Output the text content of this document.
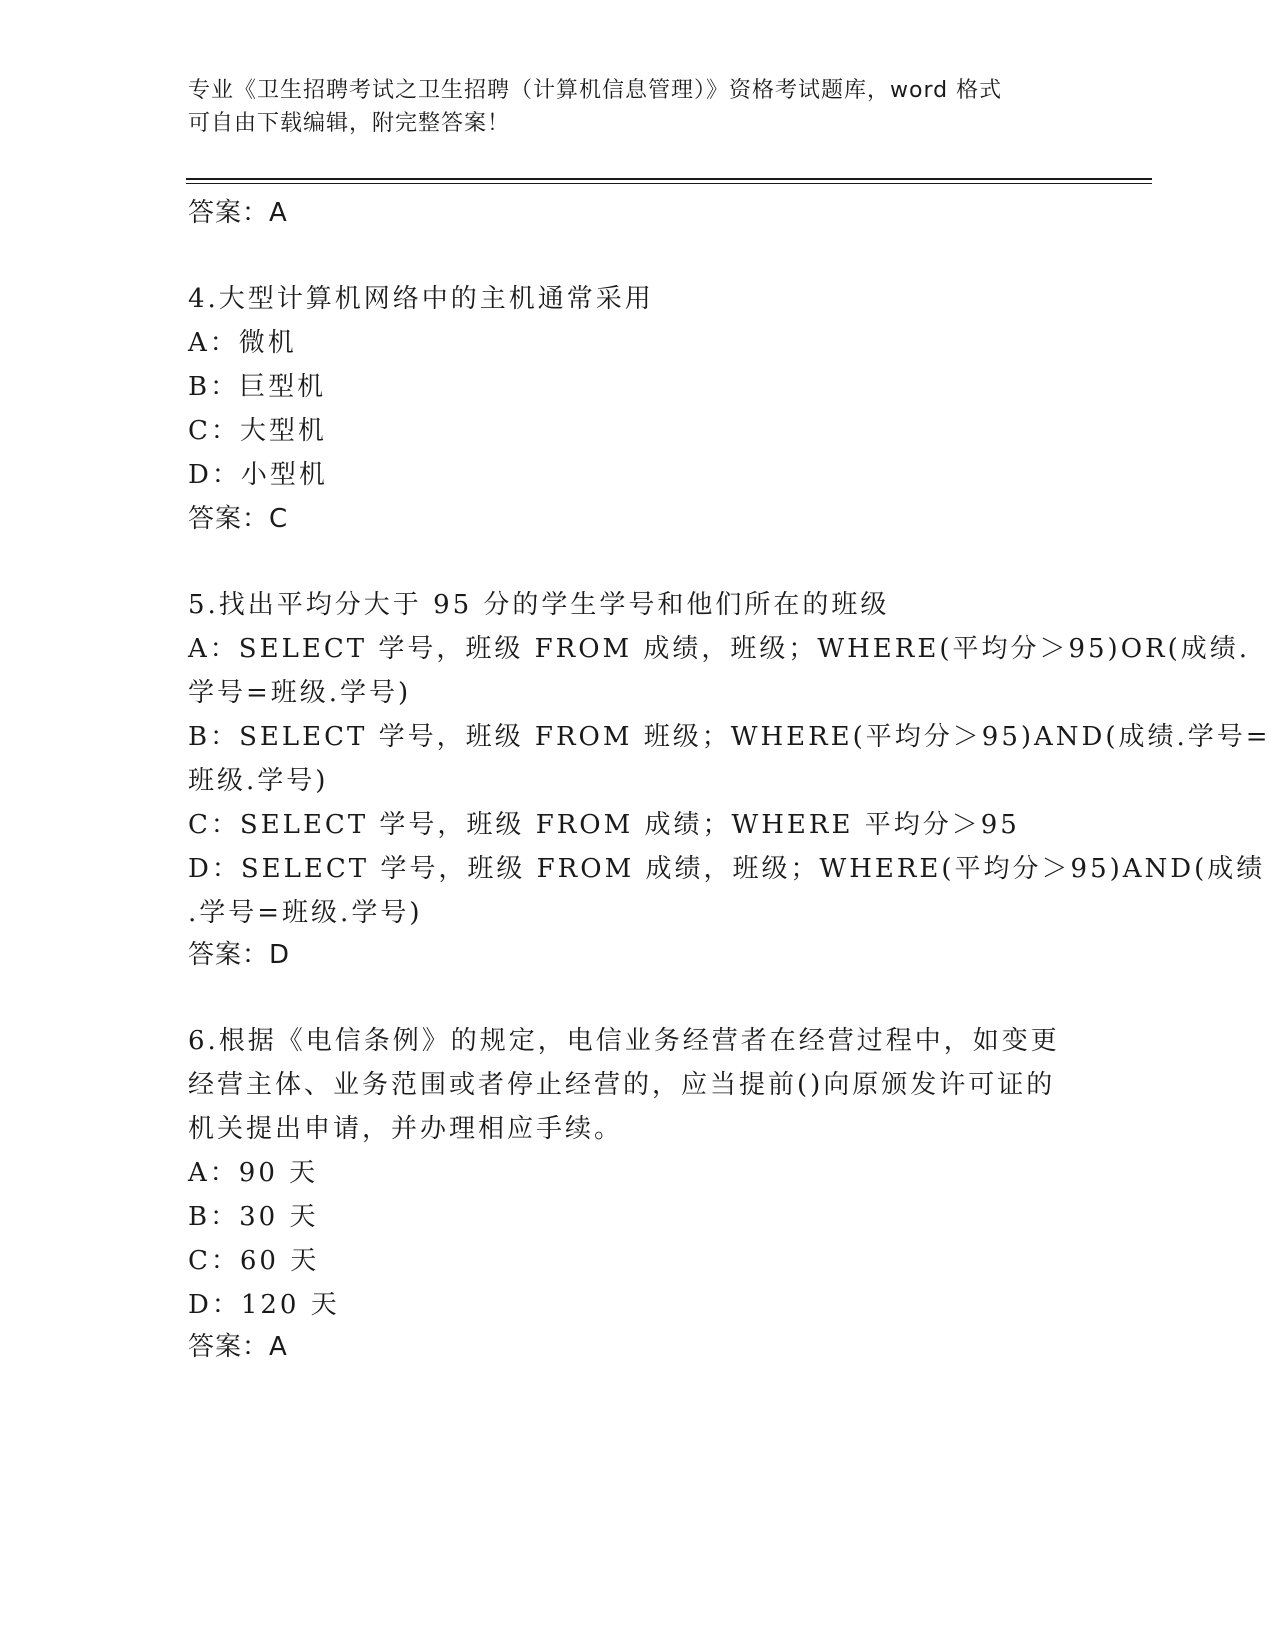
专业《卫生招聘考试之卫生招聘（计算机信息管理）》资格考试题库，word 格式
可自由下载编辑，附完整答案！
答案：A
4.大型计算机网络中的主机通常采用
A：微机
B：巨型机
C：大型机
D：小型机
答案：C
5.找出平均分大于 95 分的学生学号和他们所在的班级
A：SELECT 学号，班级 FROM 成绩，班级；WHERE(平均分＞95)OR(成绩.
学号=班级.学号)
B：SELECT 学号，班级 FROM 班级；WHERE(平均分＞95)AND(成绩.学号=
班级.学号)
C：SELECT 学号，班级 FROM 成绩；WHERE 平均分＞95
D：SELECT 学号，班级 FROM 成绩，班级；WHERE(平均分＞95)AND(成绩
.学号=班级.学号)
答案：D
6.根据《电信条例》的规定，电信业务经营者在经营过程中，如变更
经营主体、业务范围或者停止经营的，应当提前()向原颁发许可证的
机关提出申请，并办理相应手续。
A：90 天
B：30 天
C：60 天
D：120 天
答案：A
